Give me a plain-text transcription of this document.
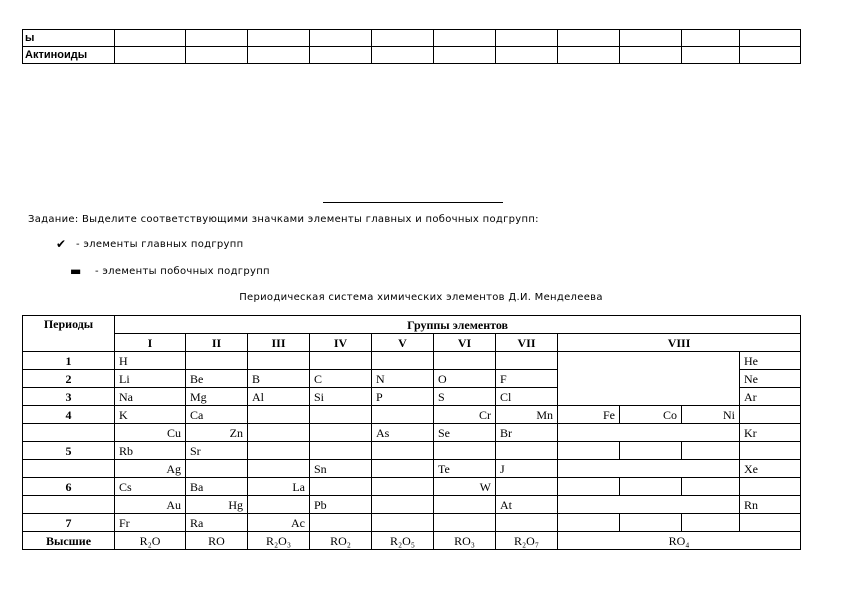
ы											
Актиноиды											
Задание: Выделите соответствующими значками элементы главных и побочных подгрупп:
✔ - элементы главных подгрупп
▬ - элементы побочных подгрупп
Периодическая система химических элементов Д.И. Менделеева
Периоды	Группы элементов										
	I	II	III	IV	V	VI	VII	VIII			
1	H										He
2	Li	Be	B	C	N	O	F				Ne
3	Na	Mg	Al	Si	P	S	Cl				Ar
4	K	Ca				Cr	Mn	Fe	Co	Ni	
	Cu	Zn			As	Se	Br				Kr
5	Rb	Sr									
	Ag			Sn		Te	J				Xe
6	Cs	Ba	La			W					
	Au	Hg		Pb			At				Rn
7	Fr	Ra	Ac								
Высшие	R₂O	RO	R₂O₃	RO₂	R₂O₅	RO₃	R₂O₇	RO₄			
